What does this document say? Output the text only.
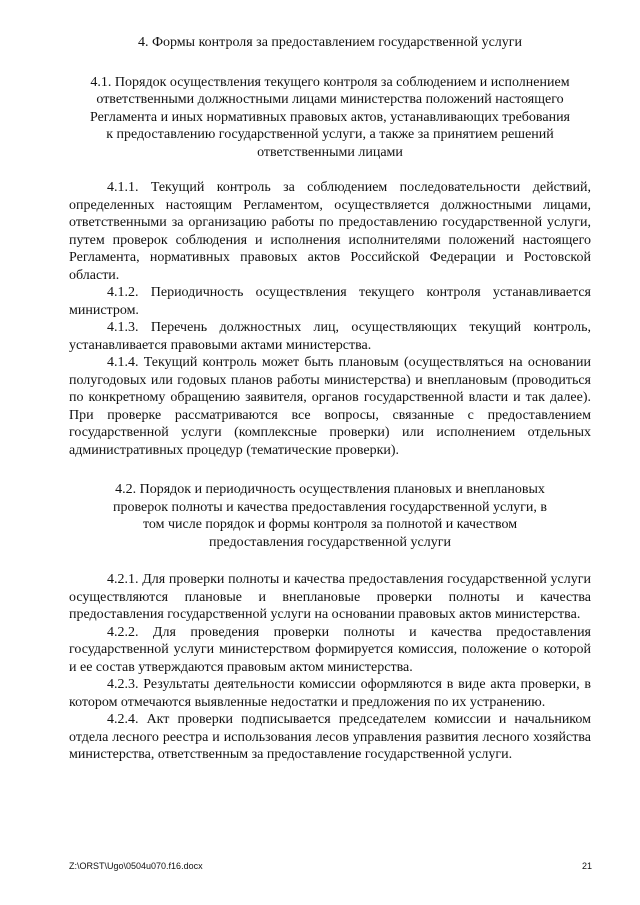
4. Формы контроля за предоставлением государственной услуги
4.1. Порядок осуществления текущего контроля за соблюдением и исполнением ответственными должностными лицами министерства положений настоящего Регламента и иных нормативных правовых актов, устанавливающих требования к предоставлению государственной услуги, а также за принятием решений ответственными лицами

4.1.1. Текущий контроль за соблюдением последовательности действий, определенных настоящим Регламентом, осуществляется должностными лицами, ответственными за организацию работы по предоставлению государственной услуги, путем проверок соблюдения и исполнения исполнителями положений настоящего Регламента, нормативных правовых актов Российской Федерации и Ростовской области.

4.1.2. Периодичность осуществления текущего контроля устанавливается министром.

4.1.3. Перечень должностных лиц, осуществляющих текущий контроль, устанавливается правовыми актами министерства.

4.1.4. Текущий контроль может быть плановым (осуществляться на основании полугодовых или годовых планов работы министерства) и внеплановым (проводиться по конкретному обращению заявителя, органов государственной власти и так далее). При проверке рассматриваются все вопросы, связанные с предоставлением государственной услуги (комплексные проверки) или исполнением отдельных административных процедур (тематические проверки).

4.2. Порядок и периодичность осуществления плановых и внеплановых проверок полноты и качества предоставления государственной услуги, в том числе порядок и формы контроля за полнотой и качеством предоставления государственной услуги

4.2.1. Для проверки полноты и качества предоставления государственной услуги осуществляются плановые и внеплановые проверки полноты и качества предоставления государственной услуги на основании правовых актов министерства.

4.2.2. Для проведения проверки полноты и качества предоставления государственной услуги министерством формируется комиссия, положение о которой и ее состав утверждаются правовым актом министерства.

4.2.3. Результаты деятельности комиссии оформляются в виде акта проверки, в котором отмечаются выявленные недостатки и предложения по их устранению.

4.2.4. Акт проверки подписывается председателем комиссии и начальником отдела лесного реестра и использования лесов управления развития лесного хозяйства министерства, ответственным за предоставление государственной услуги.

Z:\ORST\Ugo\0504u070.f16.docx	21
